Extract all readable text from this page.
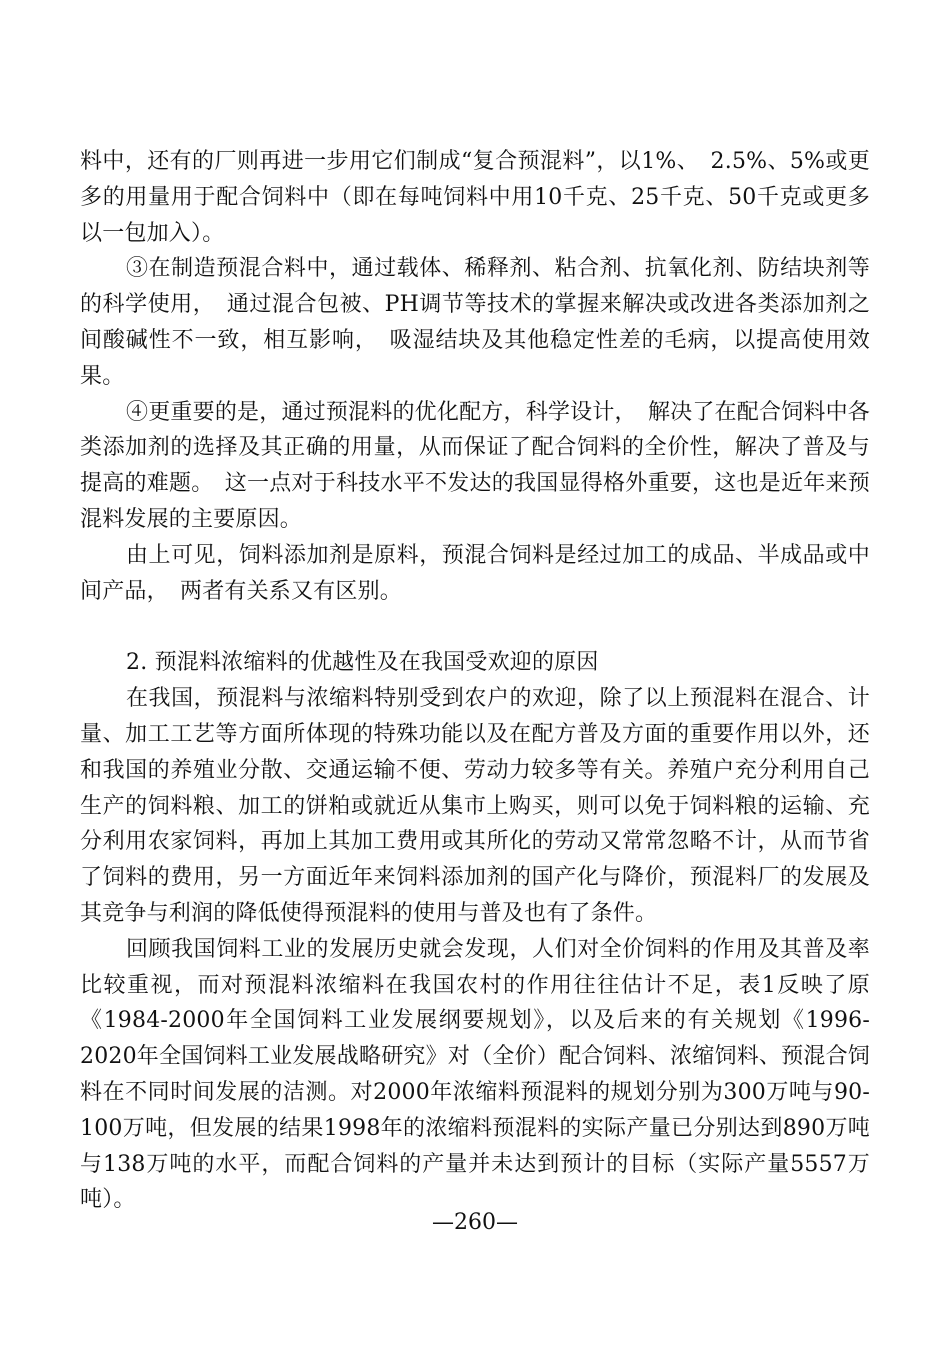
料中，还有的厂则再进一步用它们制成“复合预混料”，以1%、　2.5%、5%或更多的用量用于配合饲料中（即在每吨饲料中用10千克、25千克、50千克或更多以一包加入）。

③在制造预混合料中，通过载体、稀释剂、粘合剂、抗氧化剂、防结块剂等的科学使用，　通过混合包被、PH调节等技术的掌握来解决或改进各类添加剂之间酸碱性不一致，相互影响，　吸湿结块及其他稳定性差的毛病，以提高使用效果。

④更重要的是，通过预混料的优化配方，科学设计，　解决了在配合饲料中各类添加剂的选择及其正确的用量，从而保证了配合饲料的全价性，解决了普及与提高的难题。　这一点对于科技水平不发达的我国显得格外重要，这也是近年来预混料发展的主要原因。

由上可见，饲料添加剂是原料，预混合饲料是经过加工的成品、半成品或中间产品，　两者有关系又有区别。

2. 预混料浓缩料的优越性及在我国受欢迎的原因

在我国，预混料与浓缩料特别受到农户的欢迎，除了以上预混料在混合、计量、加工工艺等方面所体现的特殊功能以及在配方普及方面的重要作用以外，还和我国的养殖业分散、交通运输不便、劳动力较多等有关。养殖户充分利用自己生产的饲料粮、加工的饼粕或就近从集市上购买，则可以免于饲料粮的运输、充分利用农家饲料，再加上其加工费用或其所化的劳动又常常忽略不计，从而节省了饲料的费用，另一方面近年来饲料添加剂的国产化与降价，预混料厂的发展及其竞争与利润的降低使得预混料的使用与普及也有了条件。

回顾我国饲料工业的发展历史就会发现，人们对全价饲料的作用及其普及率比较重视，而对预混料浓缩料在我国农村的作用往往估计不足，表1反映了原《1984-2000年全国饲料工业发展纲要规划》，以及后来的有关规划《1996-2020年全国饲料工业发展战略研究》对（全价）配合饲料、浓缩饲料、预混合饲料在不同时间发展的洁测。对2000年浓缩料预混料的规划分别为300万吨与90-100万吨，但发展的结果1998年的浓缩料预混料的实际产量已分别达到890万吨与138万吨的水平，而配合饲料的产量并未达到预计的目标（实际产量5557万吨）。

—260—
